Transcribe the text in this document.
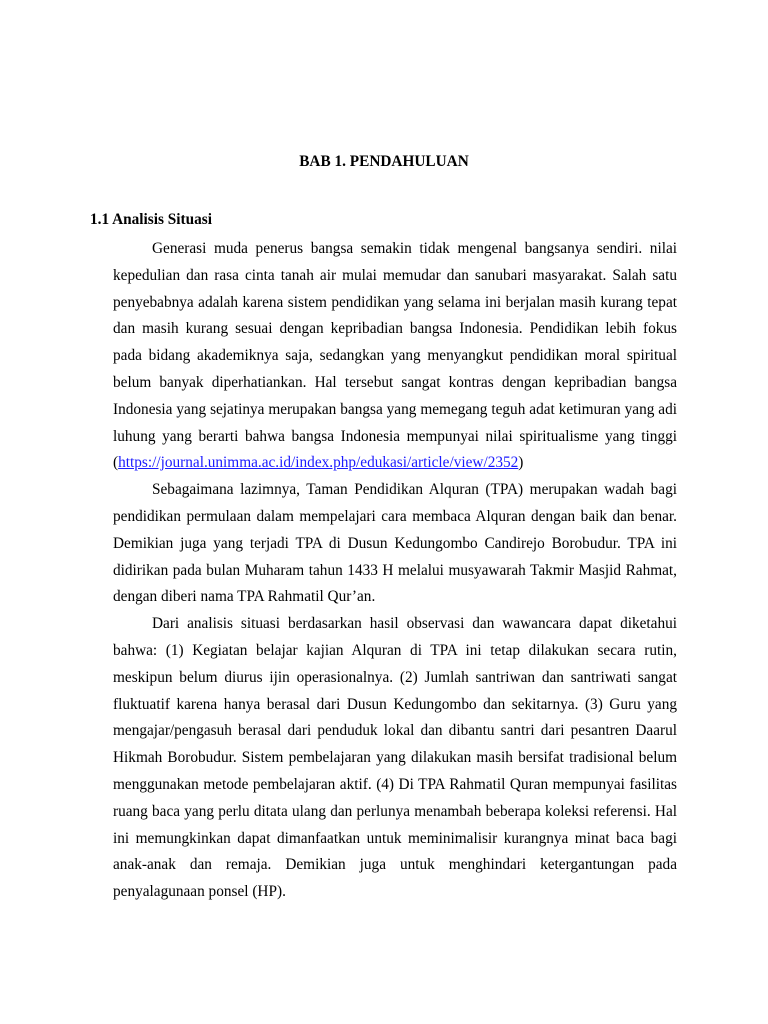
BAB 1. PENDAHULUAN
1.1 Analisis Situasi

Generasi muda penerus bangsa semakin tidak mengenal bangsanya sendiri. nilai kepedulian dan rasa cinta tanah air mulai memudar dan sanubari masyarakat. Salah satu penyebabnya adalah karena sistem pendidikan yang selama ini berjalan masih kurang tepat dan masih kurang sesuai dengan kepribadian bangsa Indonesia. Pendidikan lebih fokus pada bidang akademiknya saja, sedangkan yang menyangkut pendidikan moral spiritual belum banyak diperhatiankan. Hal tersebut sangat kontras dengan kepribadian bangsa Indonesia yang sejatinya merupakan bangsa yang memegang teguh adat ketimuran yang adi luhung yang berarti bahwa bangsa Indonesia mempunyai nilai spiritualisme yang tinggi (https://journal.unimma.ac.id/index.php/edukasi/article/view/2352)

Sebagaimana lazimnya, Taman Pendidikan Alquran (TPA) merupakan wadah bagi pendidikan permulaan dalam mempelajari cara membaca Alquran dengan baik dan benar. Demikian juga yang terjadi TPA di Dusun Kedungombo Candirejo Borobudur. TPA ini didirikan pada bulan Muharam tahun 1433 H melalui musyawarah Takmir Masjid Rahmat, dengan diberi nama TPA Rahmatil Qur’an.

Dari analisis situasi berdasarkan hasil observasi dan wawancara dapat diketahui bahwa: (1) Kegiatan belajar kajian Alquran di TPA ini tetap dilakukan secara rutin, meskipun belum diurus ijin operasionalnya. (2) Jumlah santriwan dan santriwati sangat fluktuatif karena hanya berasal dari Dusun Kedungombo dan sekitarnya. (3) Guru yang mengajar/pengasuh berasal dari penduduk lokal dan dibantu santri dari pesantren Daarul Hikmah Borobudur. Sistem pembelajaran yang dilakukan masih bersifat tradisional belum menggunakan metode pembelajaran aktif. (4) Di TPA Rahmatil Quran mempunyai fasilitas ruang baca yang perlu ditata ulang dan perlunya menambah beberapa koleksi referensi. Hal ini memungkinkan dapat dimanfaatkan untuk meminimalisir kurangnya minat baca bagi anak-anak dan remaja. Demikian juga untuk menghindari ketergantungan pada penyalagunaan ponsel (HP).
